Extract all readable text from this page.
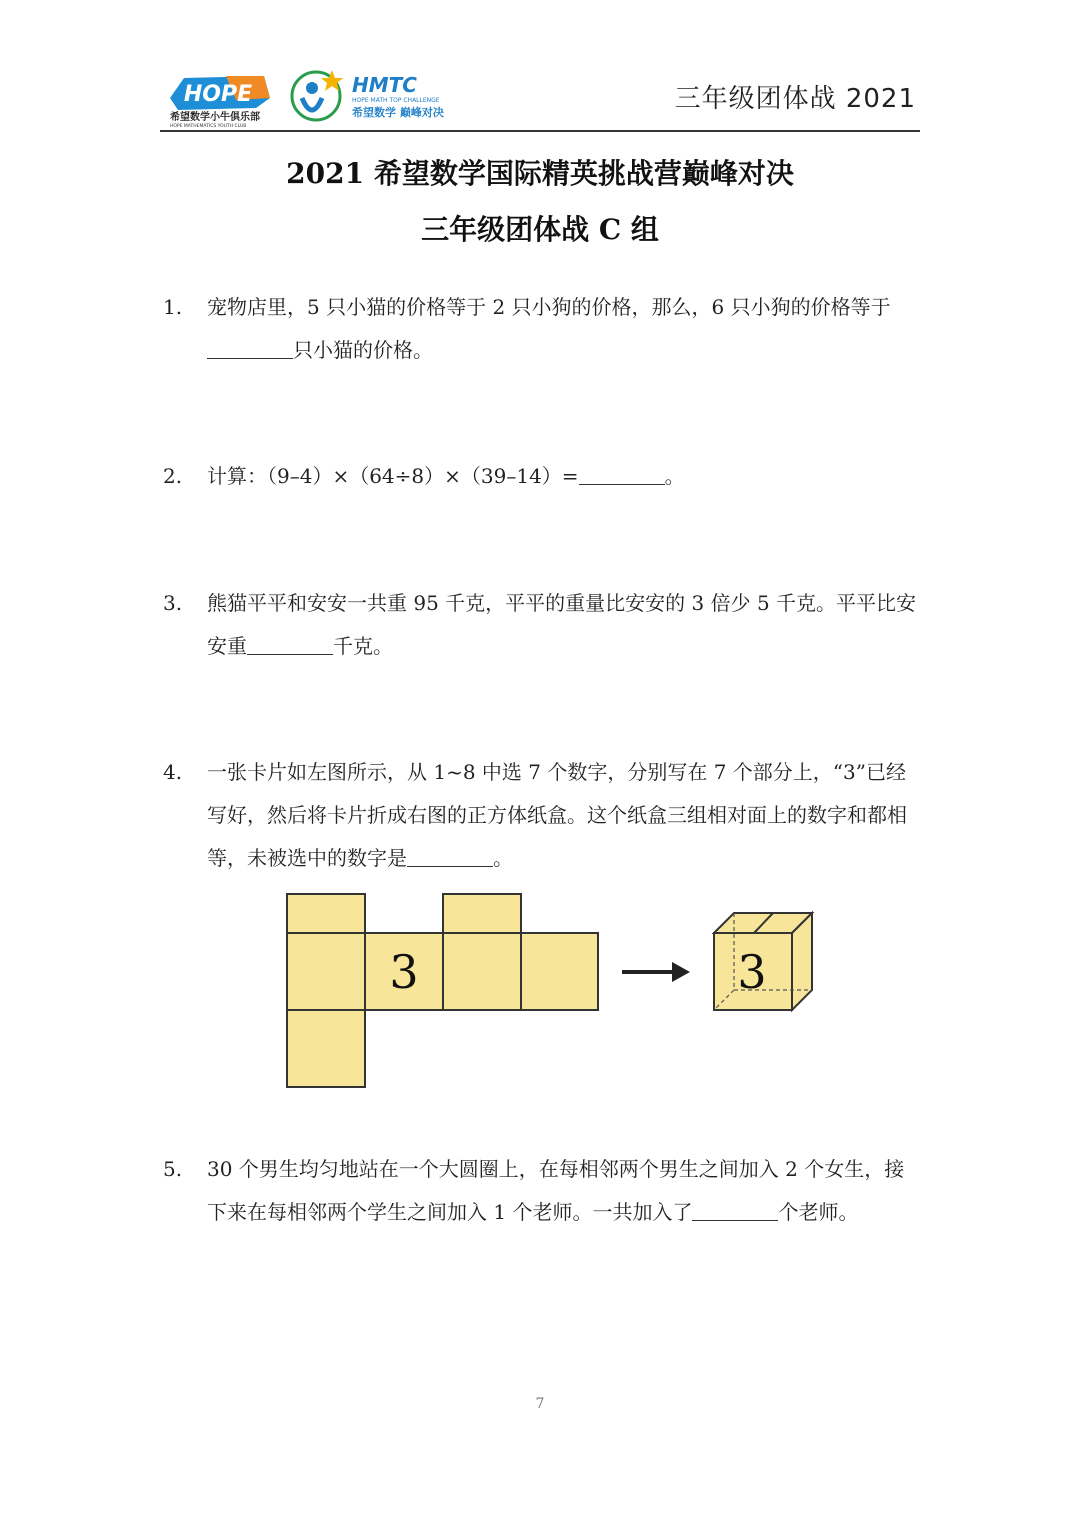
HOPE
希望数学小牛俱乐部
HOPE MATHEMATICS YOUTH CLUB
HMTC
HOPE MATH TOP CHALLENGE
希望数学 巅峰对决	三年级团体战 2021
2021 希望数学国际精英挑战营巅峰对决
三年级团体战 C 组
1. 宠物店里，5 只小猫的价格等于 2 只小狗的价格，那么，6 只小狗的价格等于只小猫的价格。
2. 计算：（9–4）×（64÷8）×（39–14）=	。
3. 熊猫平平和安安一共重 95 千克，平平的重量比安安的 3 倍少 5 千克。平平比安安重	千克。
4. 一张卡片如左图所示，从 1~8 中选 7 个数字，分别写在 7 个部分上，“3”已经写好，然后将卡片折成右图的正方体纸盒。这个纸盒三组相对面上的数字和都相等，未被选中的数字是	。
3	3
5. 30 个男生均匀地站在一个大圆圈上，在每相邻两个男生之间加入 2 个女生，接下来在每相邻两个学生之间加入 1 个老师。一共加入了	个老师。
7
